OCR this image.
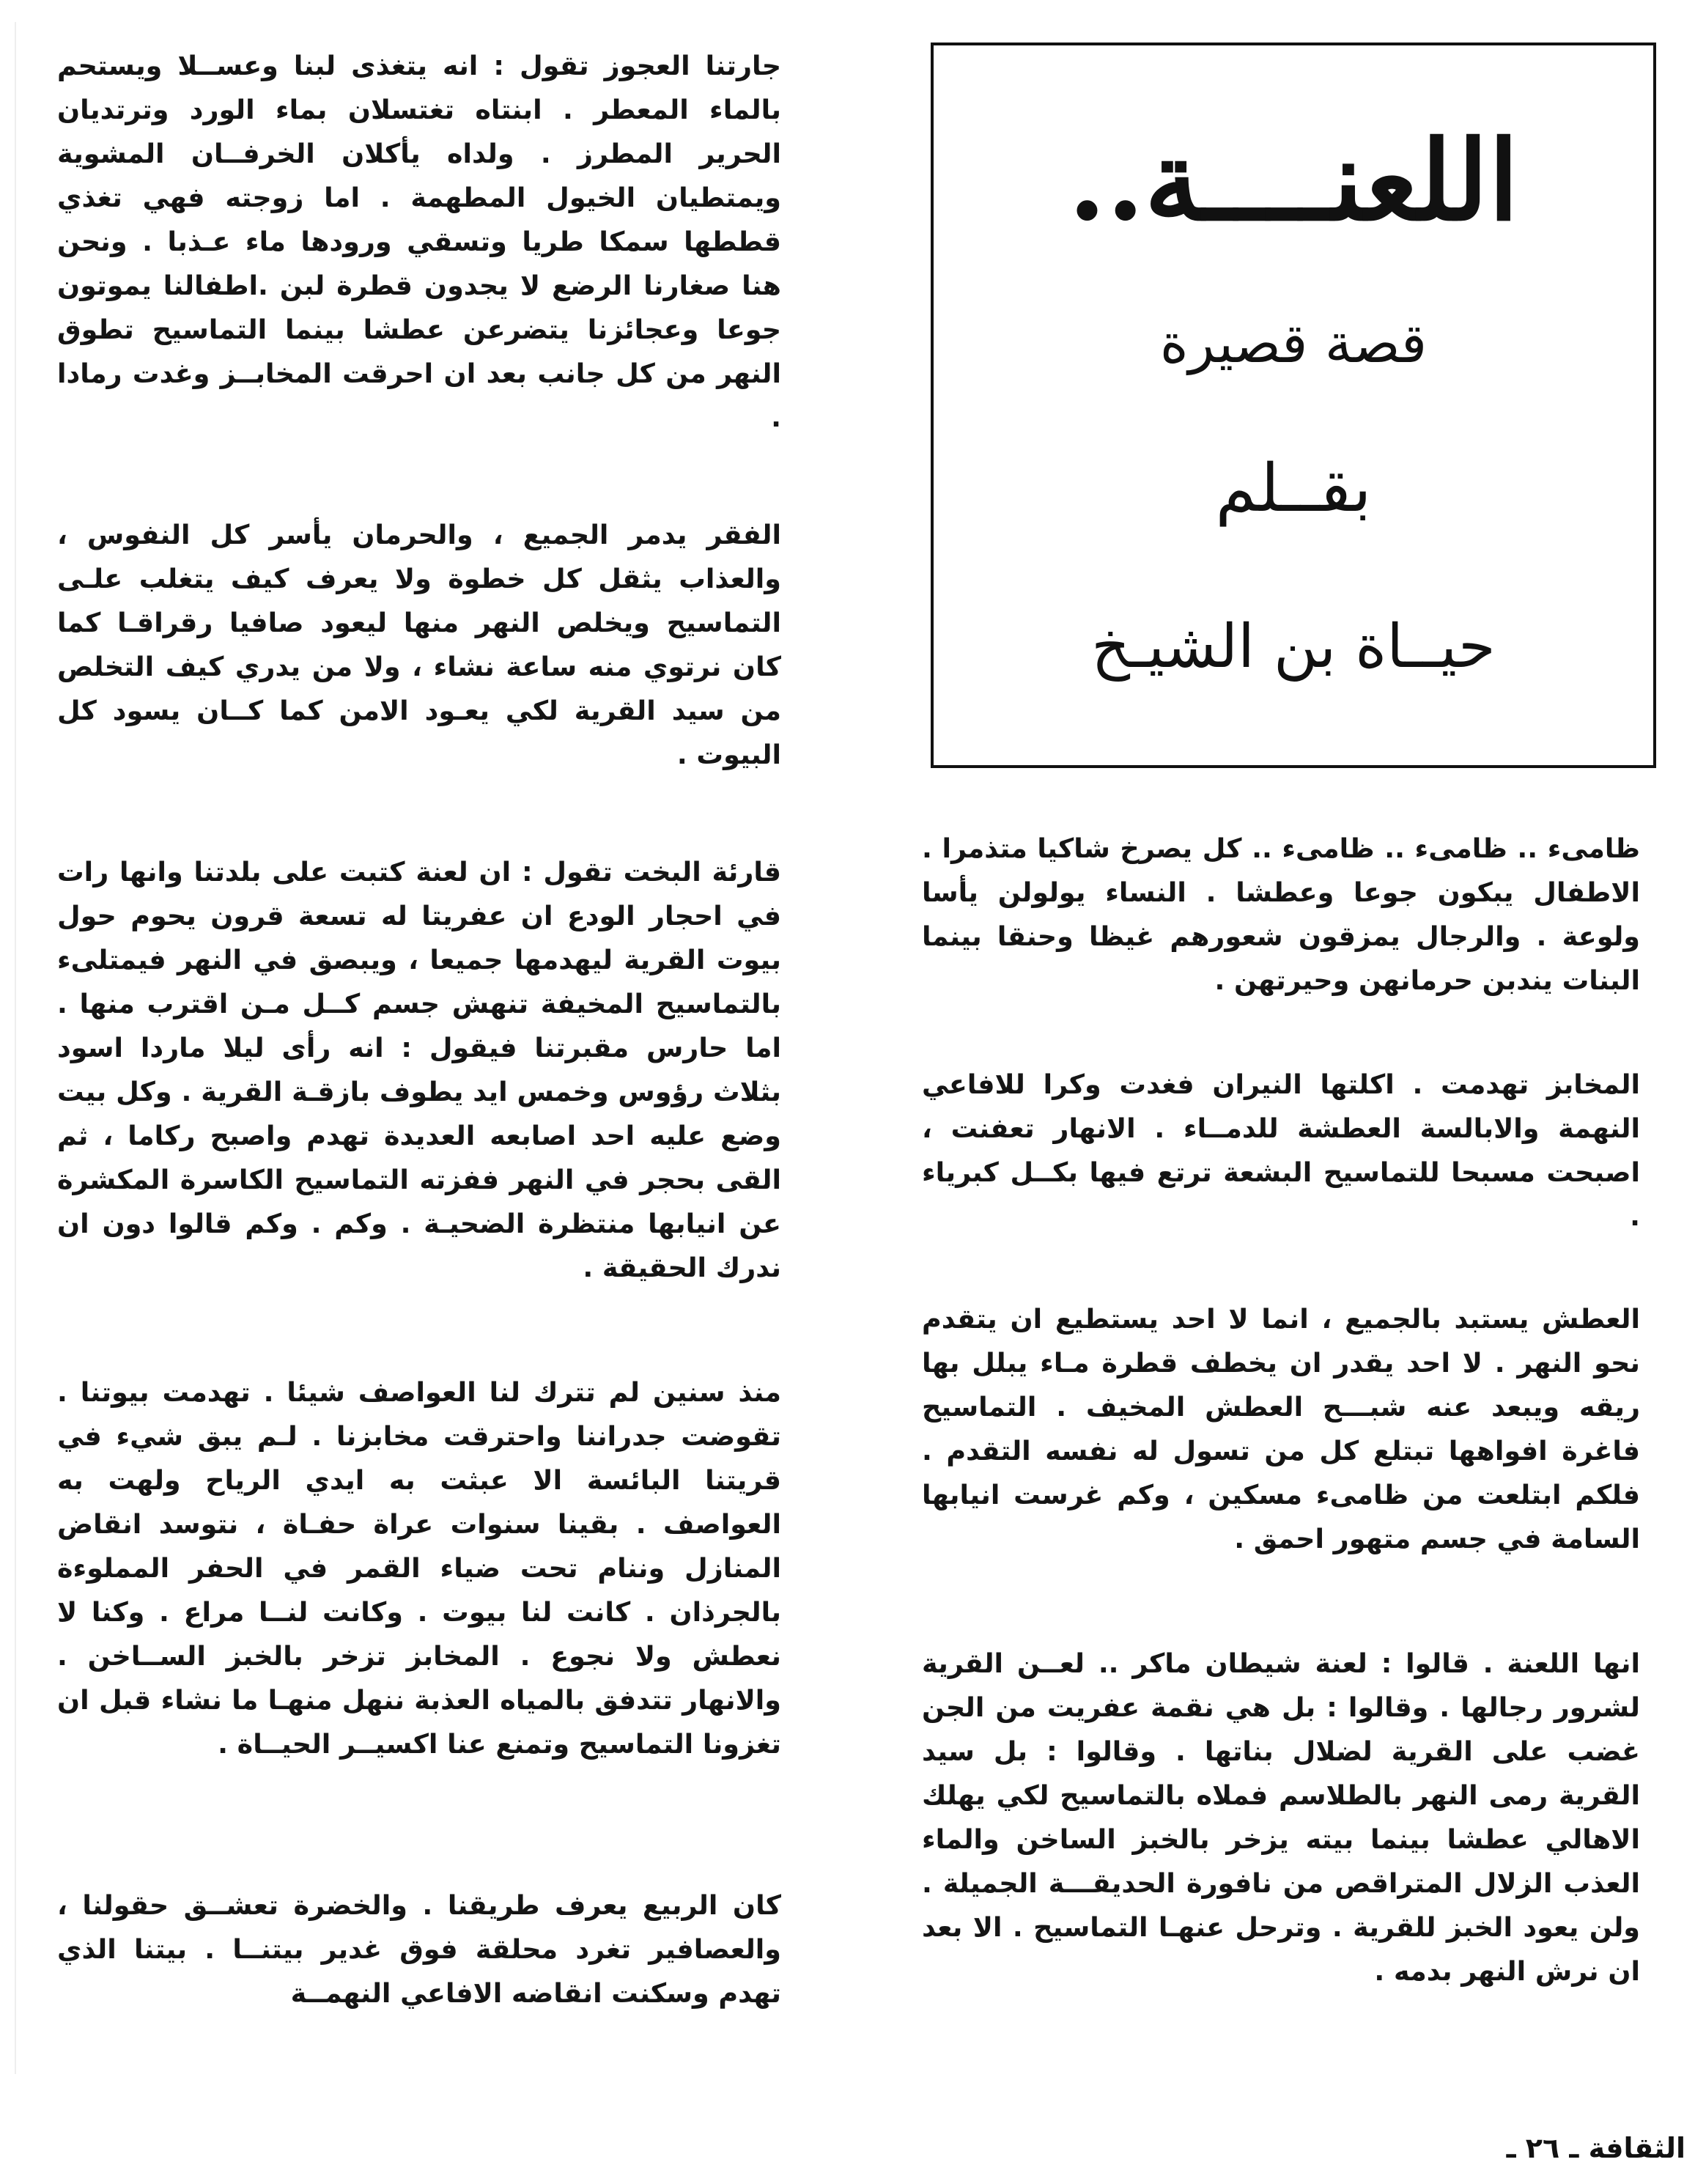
اللعنــــة..
قصة قصيرة
بقــلم
حيــاة بن الشيـخ

ظامىء .. ظامىء .. ظامىء .. كل يصرخ شاكيا متذمرا . الاطفال يبكون جوعا وعطشا . النساء يولولن يأسا ولوعة . والرجال يمزقون شعورهم غيظا وحنقا بينما البنات يندبن حرمانهن وحيرتهن .

المخابز تهدمت . اكلتها النيران فغدت وكرا للافاعي النهمة والابالسة العطشة للدمــاء . الانهار تعفنت ، اصبحت مسبحا للتماسيح البشعة ترتع فيها بكــل كبرياء .

العطش يستبد بالجميع ، انما لا احد يستطيع ان يتقدم نحو النهر . لا احد يقدر ان يخطف قطرة مـاء يبلل بها ريقه ويبعد عنه شبـــح العطش المخيف . التماسيح فاغرة افواهها تبتلع كل من تسول له نفسه التقدم . فلكم ابتلعت من ظامىء مسكين ، وكم غرست انيابها السامة في جسم متهور احمق .

انها اللعنة . قالوا : لعنة شيطان ماكر .. لعــن القرية لشرور رجالها . وقالوا : بل هي نقمة عفريت من الجن غضب على القرية لضلال بناتها . وقالوا : بل سيد القرية رمى النهر بالطلاسم فملاه بالتماسيح لكي يهلك الاهالي عطشا بينما بيته يزخر بالخبز الساخن والماء العذب الزلال المتراقص من نافورة الحديقـــة الجميلة . ولن يعود الخبز للقرية . وترحل عنهـا التماسيح . الا بعد ان نرش النهر بدمه .

جارتنا العجوز تقول : انه يتغذى لبنا وعســلا ويستحم بالماء المعطر . ابنتاه تغتسلان بماء الورد وترتديان الحرير المطرز . ولداه يأكلان الخرفــان المشوية ويمتطيان الخيول المطهمة . اما زوجته فهي تغذي قططها سمكا طريا وتسقي ورودها ماء عـذبا . ونحن هنا صغارنا الرضع لا يجدون قطرة لبن .اطفالنا يموتون جوعا وعجائزنا يتضرعن عطشا بينما التماسيح تطوق النهر من كل جانب بعد ان احرقت المخابــز وغدت رمادا .

الفقر يدمر الجميع ، والحرمان يأسر كل النفوس ، والعذاب يثقل كل خطوة ولا يعرف كيف يتغلب علـى التماسيح ويخلص النهر منها ليعود صافيا رقراقـا كما كان نرتوي منه ساعة نشاء ، ولا من يدري كيف التخلص من سيد القرية لكي يعـود الامن كما كــان يسود كل البيوت .

قارئة البخت تقول : ان لعنة كتبت على بلدتنا وانها رات في احجار الودع ان عفريتا له تسعة قرون يحوم حول بيوت القرية ليهدمها جميعا ، ويبصق في النهر فيمتلىء بالتماسيح المخيفة تنهش جسم كــل مـن اقترب منها . اما حارس مقبرتنا فيقول : انه رأى ليلا ماردا اسود بثلاث رؤوس وخمس ايد يطوف بازقـة القرية . وكل بيت وضع عليه احد اصابعه العديدة تهدم واصبح ركاما ، ثم القى بحجر في النهر ففزته التماسيح الكاسرة المكشرة عن انيابها منتظرة الضحيـة . وكم . وكم قالوا دون ان ندرك الحقيقة .

منذ سنين لم تترك لنا العواصف شيئا . تهدمت بيوتنا . تقوضت جدراننا واحترقت مخابزنا . لـم يبق شيء في قريتنا البائسة الا عبثت به ايدي الرياح ولهت به العواصف . بقينا سنوات عراة حفـاة ، نتوسد انقاض المنازل وننام تحت ضياء القمر في الحفر المملوءة بالجرذان . كانت لنا بيوت . وكانت لنــا مراع . وكنا لا نعطش ولا نجوع . المخابز تزخر بالخبز الســاخن . والانهار تتدفق بالمياه العذبة ننهل منهـا ما نشاء قبل ان تغزونا التماسيح وتمنع عنا اكسيــر الحيــاة .

كان الربيع يعرف طريقنا . والخضرة تعشــق حقولنا ، والعصافير تغرد محلقة فوق غدير بيتنــا . بيتنا الذي تهدم وسكنت انقاضه الافاعي النهمــة

الثقافة ـ ٢٦ ـ
